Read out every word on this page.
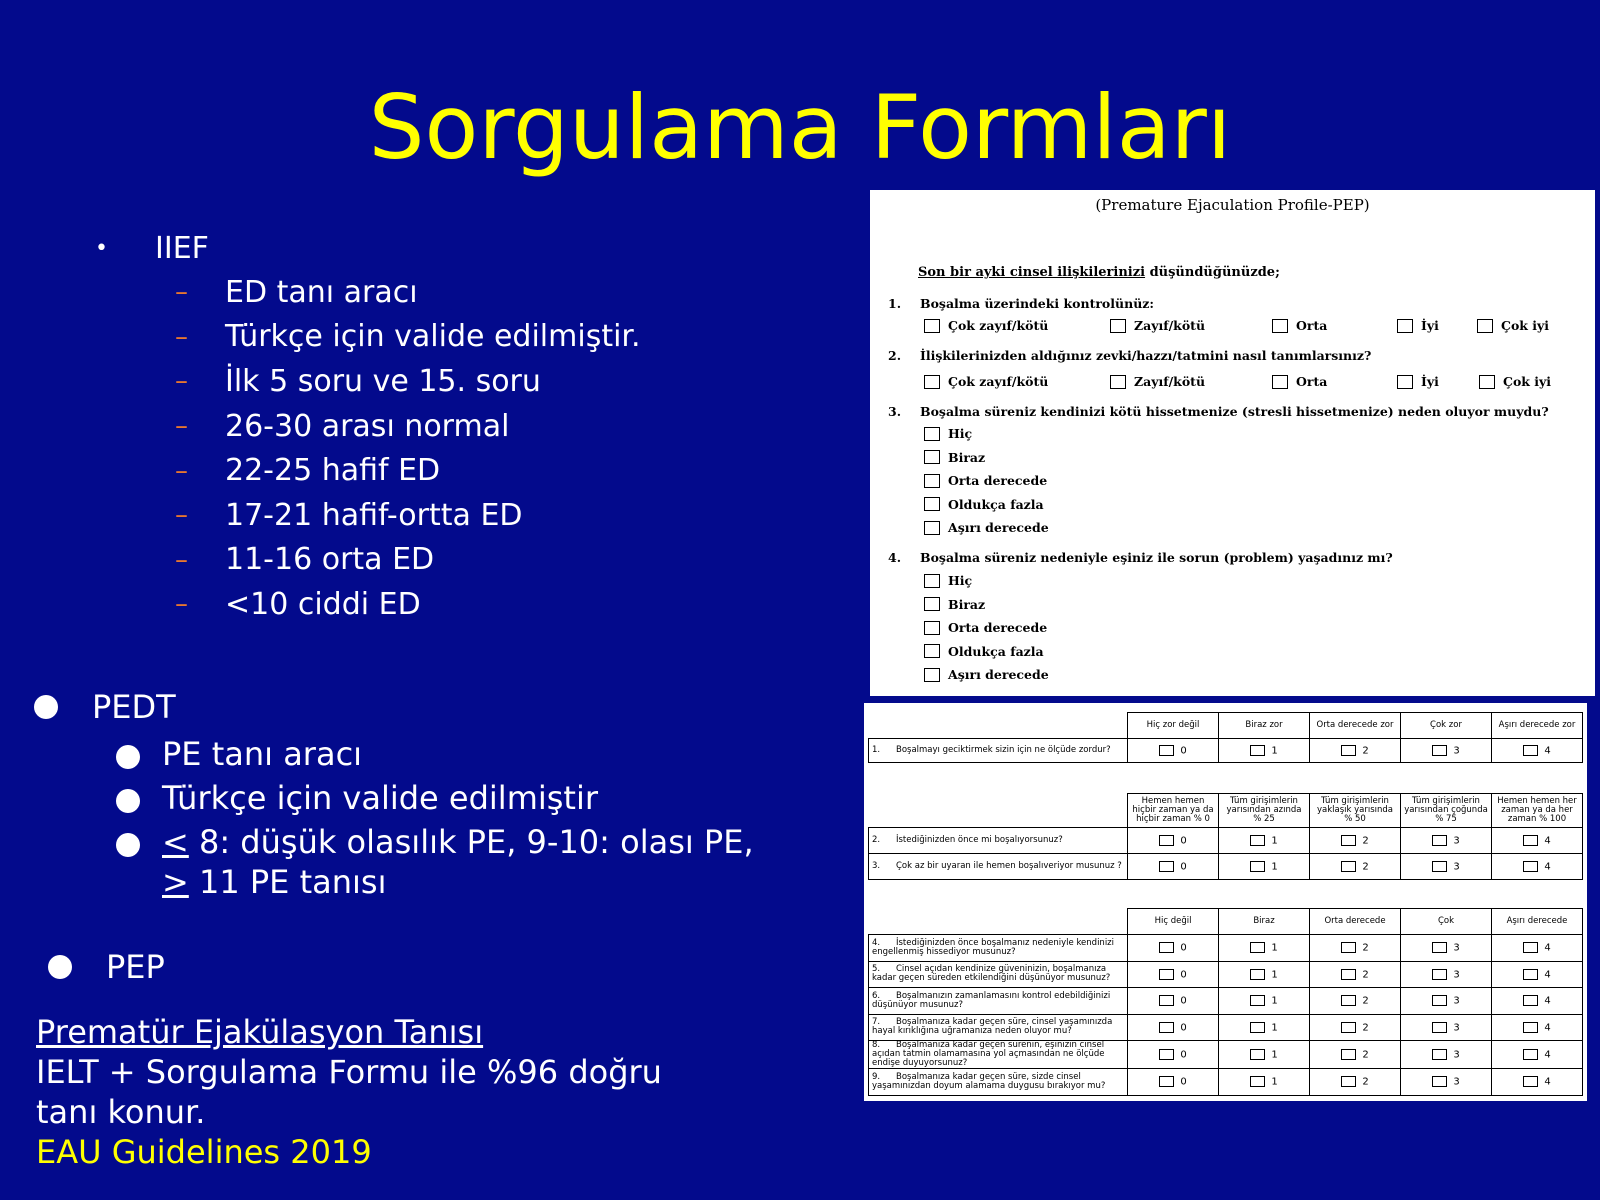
Sorgulama Formları
•	IIEF
–	ED tanı aracı
–	Türkçe için valide edilmiştir.
–	İlk 5 soru ve 15. soru
–	26-30 arası normal
–	22-25 hafif ED
–	17-21 hafif-ortta ED
–	11-16 orta ED
–	<10 ciddi ED
PEDT
PE tanı aracı
Türkçe için valide edilmiştir
< 8: düşük olasılık PE, 9-10: olası PE,
> 11 PE tanısı
PEP
Prematür Ejakülasyon Tanısı
IELT + Sorgulama Formu ile %96 doğru
tanı konur.
EAU Guidelines 2019
(Premature Ejaculation Profile-PEP)
Son bir ayki cinsel ilişkilerinizi düşündüğünüzde;
1. Boşalma üzerindeki kontrolünüz:
Çok zayıf/kötü	Zayıf/kötü	Orta	İyi	Çok iyi
2. İlişkilerinizden aldığınız zevki/hazzı/tatmini nasıl tanımlarsınız?
Çok zayıf/kötü	Zayıf/kötü	Orta	İyi	Çok iyi
3. Boşalma süreniz kendinizi kötü hissetmenize (stresli hissetmenize) neden oluyor muydu?
Hiç
Biraz
Orta derecede
Oldukça fazla
Aşırı derecede
4. Boşalma süreniz nedeniyle eşiniz ile sorun (problem) yaşadınız mı?
Hiç
Biraz
Orta derecede
Oldukça fazla
Aşırı derecede
	Hiç zor değil	Biraz zor	Orta derecede zor	Çok zor	Aşırı derecede zor
1. Boşalmayı geciktirmek sizin için ne ölçüde zordur?	0	1	2	3	4
	Hemen hemen hiçbir zaman ya da hiçbir zaman % 0	Tüm girişimlerin yarısından azında % 25	Tüm girişimlerin yaklaşık yarısında % 50	Tüm girişimlerin yarısından çoğunda % 75	Hemen hemen her zaman ya da her zaman % 100
2. İstediğinizden önce mi boşalıyorsunuz?	0	1	2	3	4
3. Çok az bir uyaran ile hemen boşalıveriyor musunuz ?	0	1	2	3	4
	Hiç değil	Biraz	Orta derecede	Çok	Aşırı derecede
4. İstediğinizden önce boşalmanız nedeniyle kendinizi engellenmiş hissediyor musunuz?	0	1	2	3	4
5. Cinsel açıdan kendinize güveninizin, boşalmanıza kadar geçen süreden etkilendiğini düşünüyor musunuz?	0	1	2	3	4
6. Boşalmanızın zamanlamasını kontrol edebildiğinizi düşünüyor musunuz?	0	1	2	3	4
7. Boşalmanıza kadar geçen süre, cinsel yaşamınızda hayal kırıklığına uğramanıza neden oluyor mu?	0	1	2	3	4
8. Boşalmanıza kadar geçen sürenin, eşinizin cinsel açıdan tatmin olamamasına yol açmasından ne ölçüde endişe duyuyorsunuz?	0	1	2	3	4
9. Boşalmanıza kadar geçen süre, sizde cinsel yaşamınızdan doyum alamama duygusu bırakıyor mu?	0	1	2	3	4
